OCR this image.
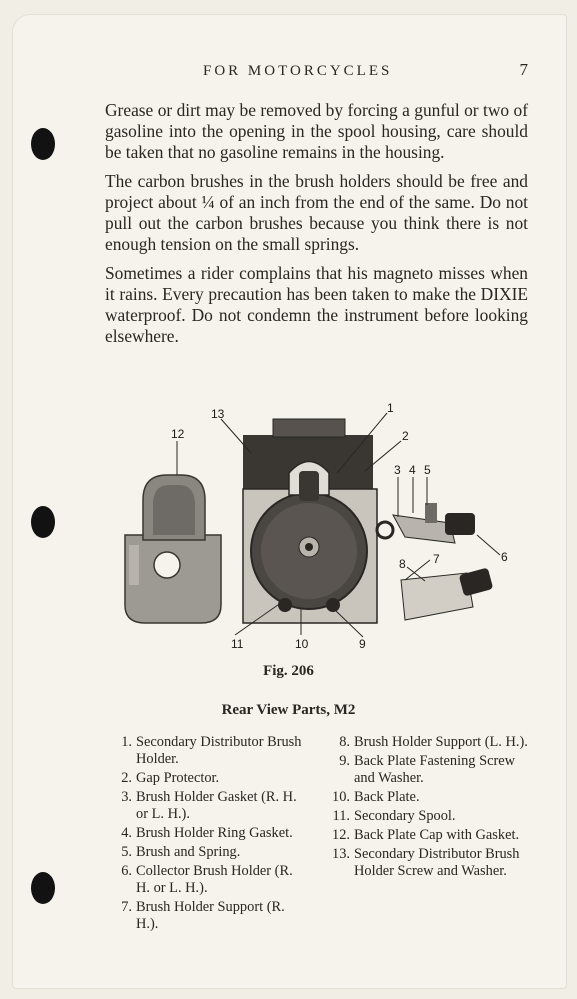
FOR MOTORCYCLES	7

Grease or dirt may be removed by forcing a gunful or two of gasoline into the opening in the spool housing, care should be taken that no gasoline remains in the housing.

The carbon brushes in the brush holders should be free and project about ¼ of an inch from the end of the same. Do not pull out the carbon brushes because you think there is not enough tension on the small springs.

Sometimes a rider complains that his magneto misses when it rains. Every precaution has been taken to make the DIXIE waterproof. Do not condemn the instrument before looking elsewhere.

12
13	1
2
3 4 5
6
7
8
9
10
11
Fig. 206
Rear View Parts, M2
1. Secondary Distributor Brush Holder.
2. Gap Protector.
3. Brush Holder Gasket (R. H. or L. H.).
4. Brush Holder Ring Gasket.
5. Brush and Spring.
6. Collector Brush Holder (R. H. or L. H.).
7. Brush Holder Support (R. H.).
8. Brush Holder Support (L. H.).
9. Back Plate Fastening Screw and Washer.
10. Back Plate.
11. Secondary Spool.
12. Back Plate Cap with Gasket.
13. Secondary Distributor Brush Holder Screw and Washer.
